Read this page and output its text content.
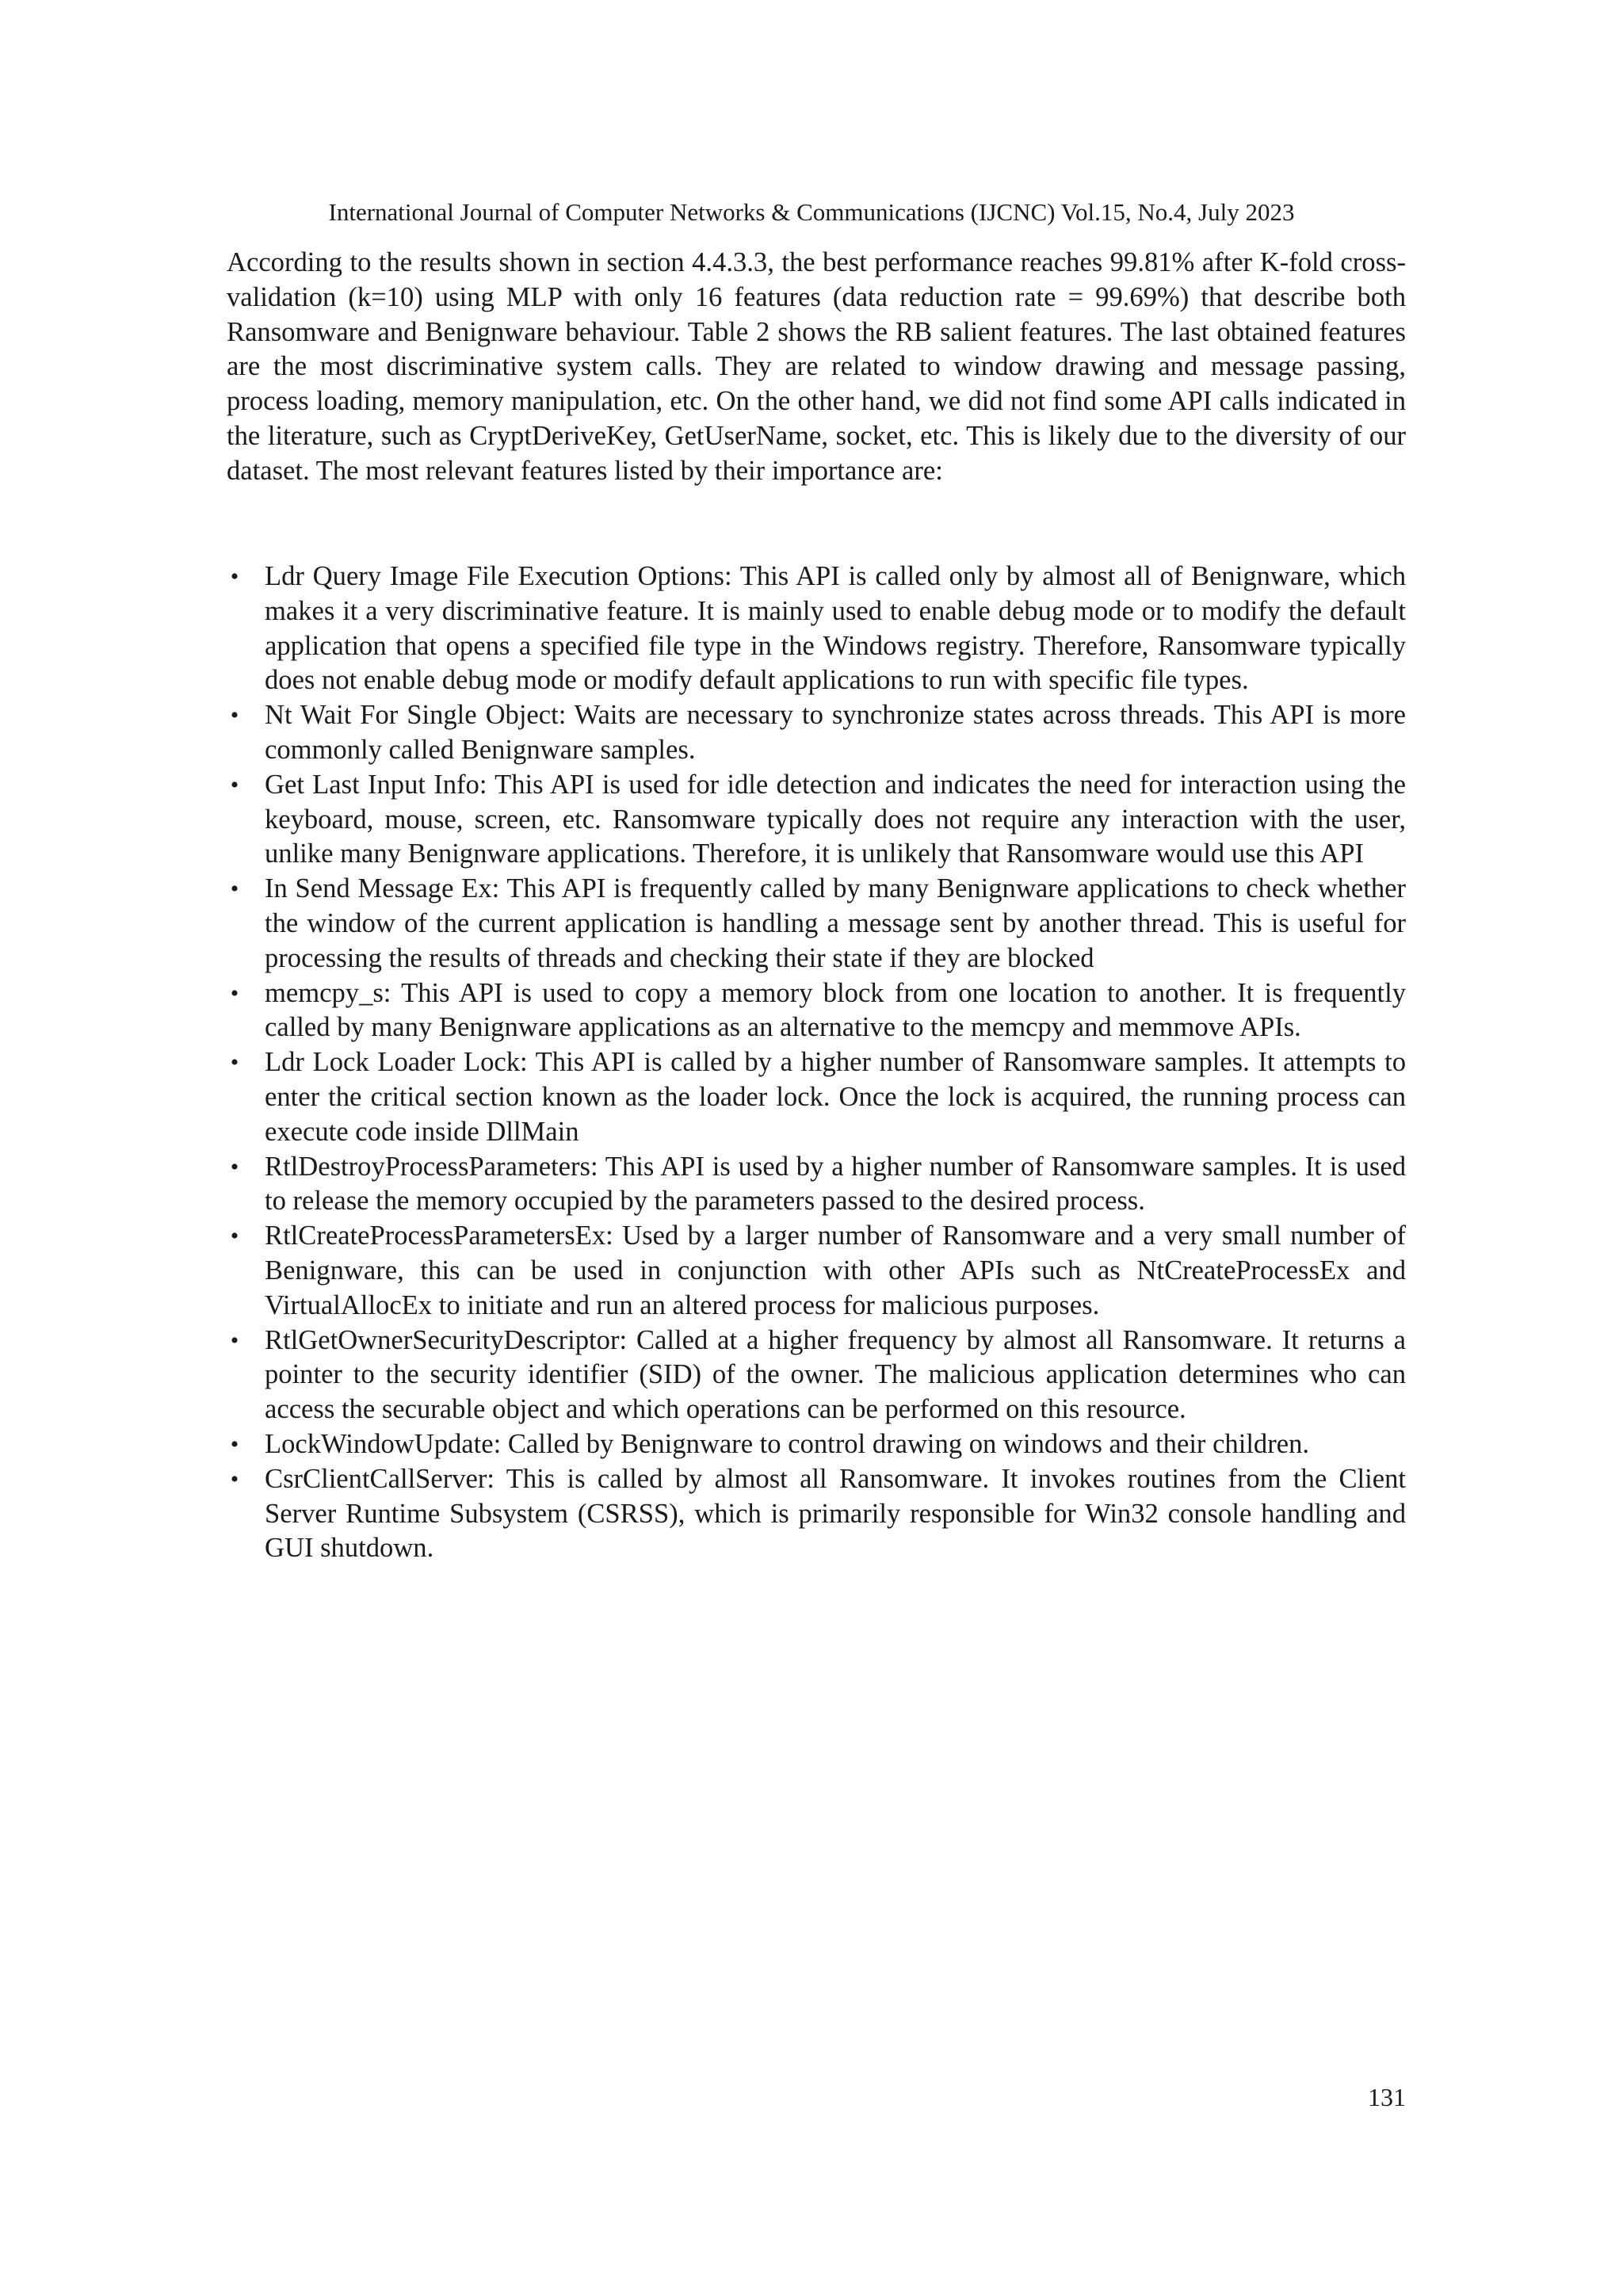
International Journal of Computer Networks & Communications (IJCNC) Vol.15, No.4, July 2023

According to the results shown in section 4.4.3.3, the best performance reaches 99.81% after K-fold cross-validation (k=10) using MLP with only 16 features (data reduction rate = 99.69%) that describe both Ransomware and Benignware behaviour. Table 2 shows the RB salient features. The last obtained features are the most discriminative system calls. They are related to window drawing and message passing, process loading, memory manipulation, etc. On the other hand, we did not find some API calls indicated in the literature, such as CryptDeriveKey, GetUserName, socket, etc. This is likely due to the diversity of our dataset. The most relevant features listed by their importance are:

• Ldr Query Image File Execution Options: This API is called only by almost all of Benignware, which makes it a very discriminative feature. It is mainly used to enable debug mode or to modify the default application that opens a specified file type in the Windows registry. Therefore, Ransomware typically does not enable debug mode or modify default applications to run with specific file types.
• Nt Wait For Single Object: Waits are necessary to synchronize states across threads. This API is more commonly called Benignware samples.
• Get Last Input Info: This API is used for idle detection and indicates the need for interaction using the keyboard, mouse, screen, etc. Ransomware typically does not require any interaction with the user, unlike many Benignware applications. Therefore, it is unlikely that Ransomware would use this API
• In Send Message Ex: This API is frequently called by many Benignware applications to check whether the window of the current application is handling a message sent by another thread. This is useful for processing the results of threads and checking their state if they are blocked
• memcpy_s: This API is used to copy a memory block from one location to another. It is frequently called by many Benignware applications as an alternative to the memcpy and memmove APIs.
• Ldr Lock Loader Lock: This API is called by a higher number of Ransomware samples. It attempts to enter the critical section known as the loader lock. Once the lock is acquired, the running process can execute code inside DllMain
• RtlDestroyProcessParameters: This API is used by a higher number of Ransomware samples. It is used to release the memory occupied by the parameters passed to the desired process.
• RtlCreateProcessParametersEx: Used by a larger number of Ransomware and a very small number of Benignware, this can be used in conjunction with other APIs such as NtCreateProcessEx and VirtualAllocEx to initiate and run an altered process for malicious purposes.
• RtlGetOwnerSecurityDescriptor: Called at a higher frequency by almost all Ransomware. It returns a pointer to the security identifier (SID) of the owner. The malicious application determines who can access the securable object and which operations can be performed on this resource.
• LockWindowUpdate: Called by Benignware to control drawing on windows and their children.
• CsrClientCallServer: This is called by almost all Ransomware. It invokes routines from the Client Server Runtime Subsystem (CSRSS), which is primarily responsible for Win32 console handling and GUI shutdown.
131
